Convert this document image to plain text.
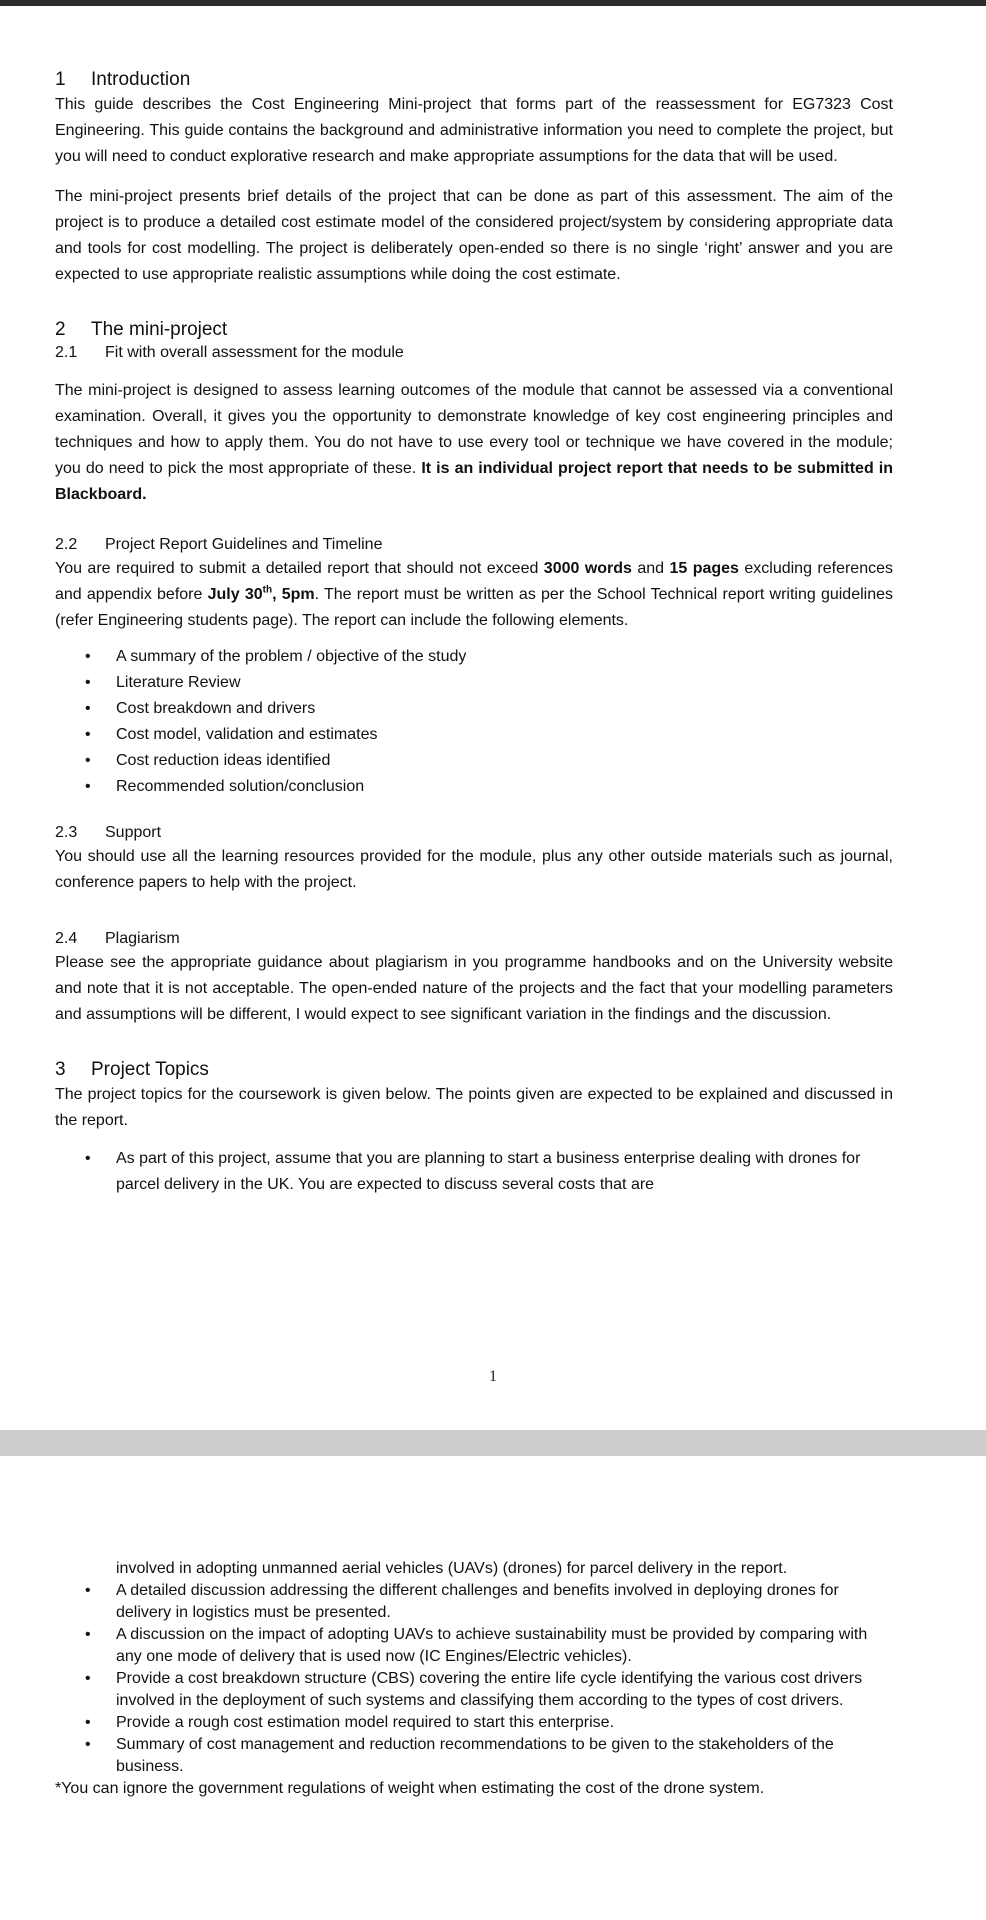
1 Introduction

This guide describes the Cost Engineering Mini-project that forms part of the reassessment for EG7323 Cost Engineering. This guide contains the background and administrative information you need to complete the project, but you will need to conduct explorative research and make appropriate assumptions for the data that will be used.

The mini-project presents brief details of the project that can be done as part of this assessment. The aim of the project is to produce a detailed cost estimate model of the considered project/system by considering appropriate data and tools for cost modelling. The project is deliberately open-ended so there is no single ‘right’ answer and you are expected to use appropriate realistic assumptions while doing the cost estimate.

2 The mini-project
2.1 Fit with overall assessment for the module

The mini-project is designed to assess learning outcomes of the module that cannot be assessed via a conventional examination. Overall, it gives you the opportunity to demonstrate knowledge of key cost engineering principles and techniques and how to apply them. You do not have to use every tool or technique we have covered in the module; you do need to pick the most appropriate of these. It is an individual project report that needs to be submitted in Blackboard.

2.2 Project Report Guidelines and Timeline

You are required to submit a detailed report that should not exceed 3000 words and 15 pages excluding references and appendix before July 30th, 5pm. The report must be written as per the School Technical report writing guidelines (refer Engineering students page). The report can include the following elements.

• A summary of the problem / objective of the study
• Literature Review
• Cost breakdown and drivers
• Cost model, validation and estimates
• Cost reduction ideas identified
• Recommended solution/conclusion
2.3 Support

You should use all the learning resources provided for the module, plus any other outside materials such as journal, conference papers to help with the project.

2.4 Plagiarism

Please see the appropriate guidance about plagiarism in you programme handbooks and on the University website and note that it is not acceptable. The open-ended nature of the projects and the fact that your modelling parameters and assumptions will be different, I would expect to see significant variation in the findings and the discussion.

3 Project Topics

The project topics for the coursework is given below. The points given are expected to be explained and discussed in the report.

• As part of this project, assume that you are planning to start a business enterprise dealing with drones for parcel delivery in the UK. You are expected to discuss several costs that are
1
involved in adopting unmanned aerial vehicles (UAVs) (drones) for parcel delivery in the report.
• A detailed discussion addressing the different challenges and benefits involved in deploying drones for delivery in logistics must be presented.
• A discussion on the impact of adopting UAVs to achieve sustainability must be provided by comparing with any one mode of delivery that is used now (IC Engines/Electric vehicles).
• Provide a cost breakdown structure (CBS) covering the entire life cycle identifying the various cost drivers involved in the deployment of such systems and classifying them according to the types of cost drivers.
• Provide a rough cost estimation model required to start this enterprise.
• Summary of cost management and reduction recommendations to be given to the stakeholders of the business.

*You can ignore the government regulations of weight when estimating the cost of the drone system.
